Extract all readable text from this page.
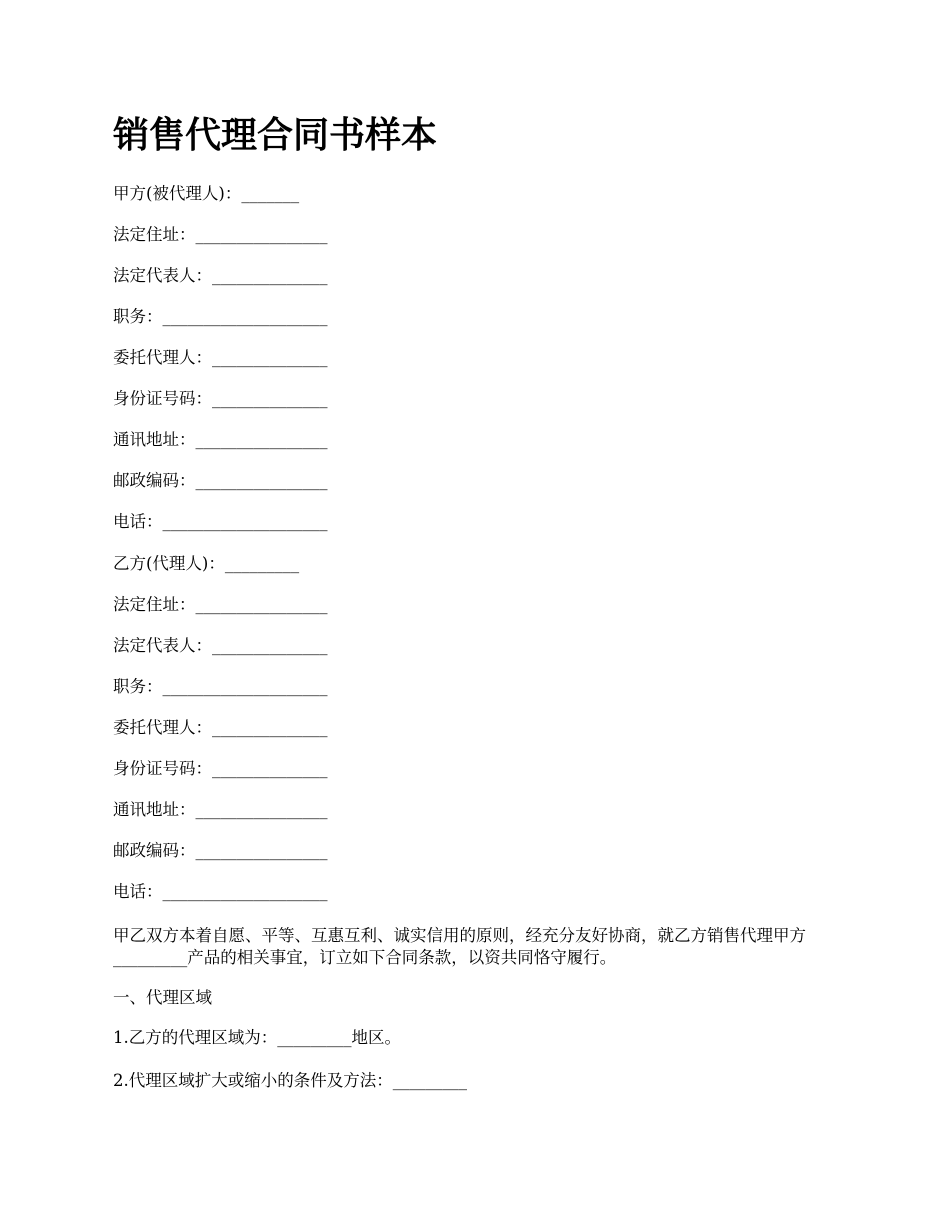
销售代理合同书样本

甲方(被代理人)：_______

法定住址：________________

法定代表人：______________

职务：____________________

委托代理人：______________

身份证号码：______________

通讯地址：________________

邮政编码：________________

电话：____________________

乙方(代理人)：_________

法定住址：________________

法定代表人：______________

职务：____________________

委托代理人：______________

身份证号码：______________

通讯地址：________________

邮政编码：________________

电话：____________________

甲乙双方本着自愿、平等、互惠互利、诚实信用的原则，经充分友好协商，就乙方销售代理甲方_________产品的相关事宜，订立如下合同条款，以资共同恪守履行。

一、代理区域

1.乙方的代理区域为：_________地区。

2.代理区域扩大或缩小的条件及方法：_________
